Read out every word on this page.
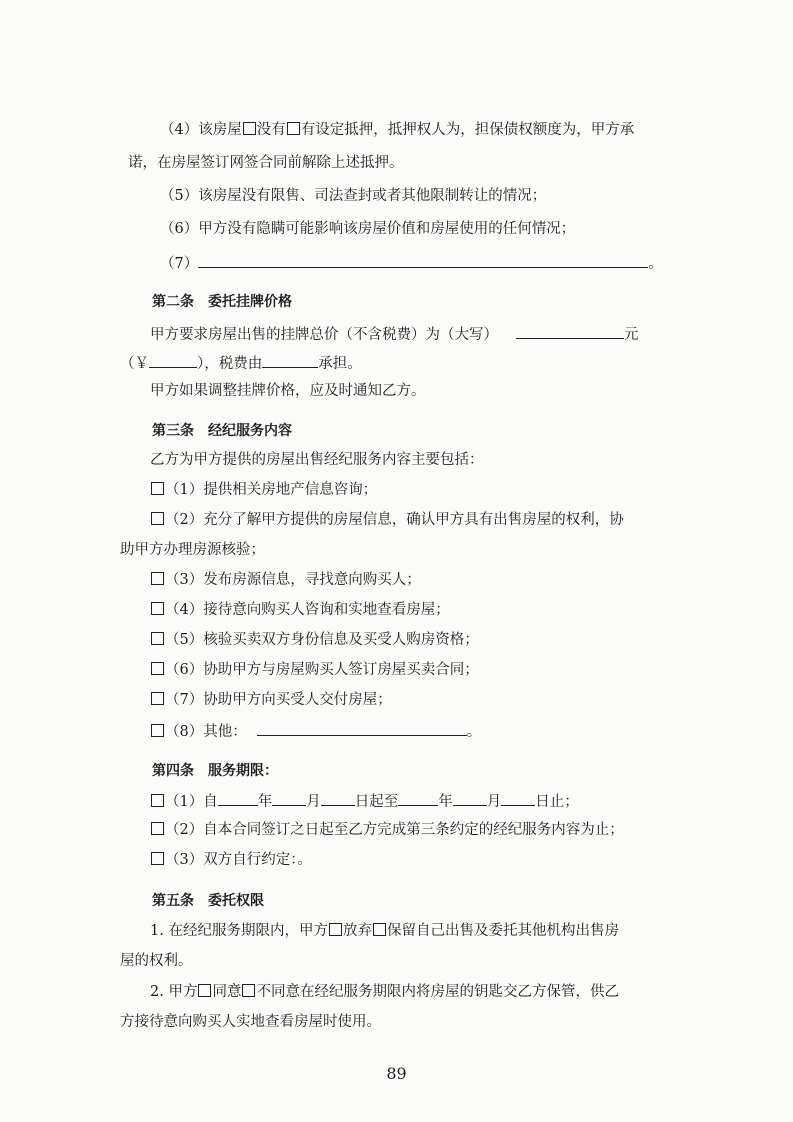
（4）该房屋 没有 有设定抵押，抵押权人为，担保债权额度为，甲方承
诺，在房屋签订网签合同前解除上述抵押。
（5）该房屋没有限售、司法查封或者其他限制转让的情况；
（6）甲方没有隐瞒可能影响该房屋价值和房屋使用的任何情况；
（7）	。
第二条　委托挂牌价格
甲方要求房屋出售的挂牌总价（不含税费）为（大写）	元
（￥	），税费由	承担。
甲方如果调整挂牌价格，应及时通知乙方。
第三条　经纪服务内容
乙方为甲方提供的房屋出售经纪服务内容主要包括：
（1）提供相关房地产信息咨询；
（2）充分了解甲方提供的房屋信息，确认甲方具有出售房屋的权利，协
助甲方办理房源核验；
（3）发布房源信息，寻找意向购买人；
（4）接待意向购买人咨询和实地查看房屋；
（5）核验买卖双方身份信息及买受人购房资格；
（6）协助甲方与房屋购买人签订房屋买卖合同；
（7）协助甲方向买受人交付房屋；
（8）其他：	。
第四条　服务期限：
（1）自	年 月 日起至	年 月 日止；
（2）自本合同签订之日起至乙方完成第三条约定的经纪服务内容为止；
（3）双方自行约定：。
第五条　委托权限
1. 在经纪服务期限内，甲方 放弃 保留自己出售及委托其他机构出售房
屋的权利。
2. 甲方 同意 不同意在经纪服务期限内将房屋的钥匙交乙方保管，供乙
方接待意向购买人实地查看房屋时使用。
89
